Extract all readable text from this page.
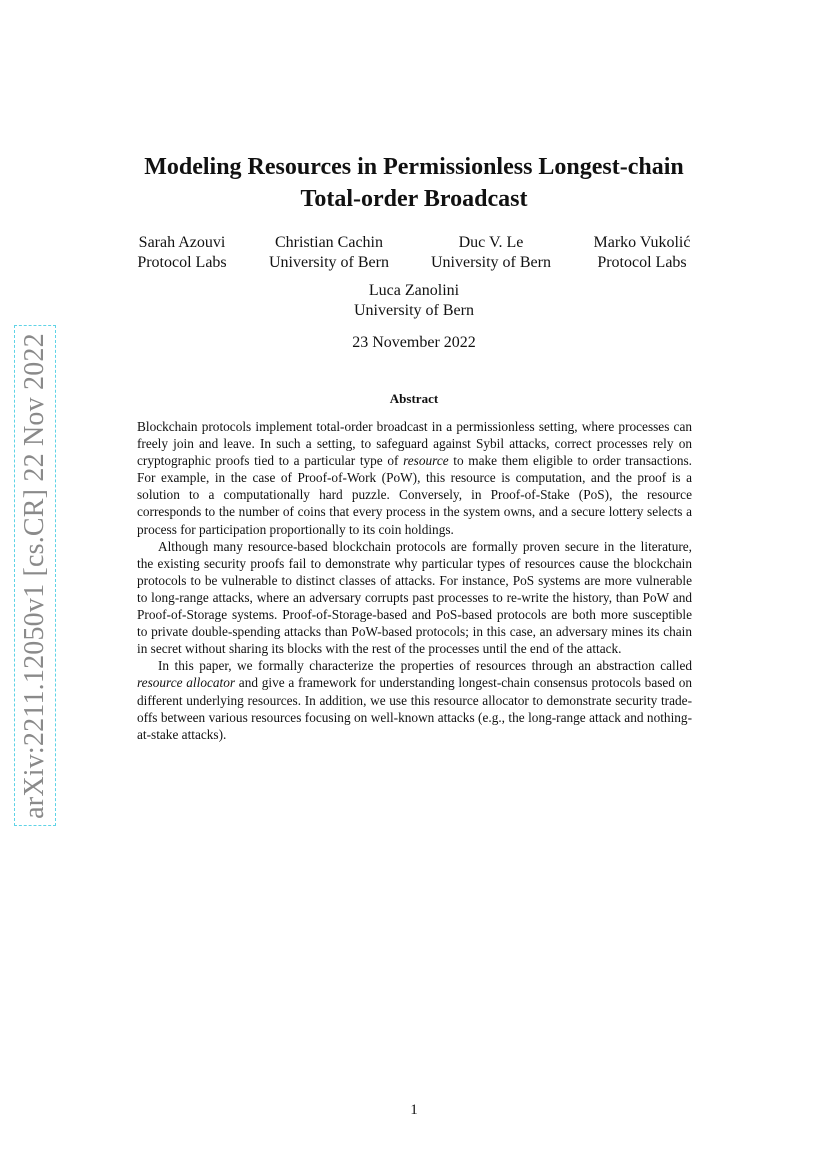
arXiv:2211.12050v1 [cs.CR] 22 Nov 2022
Modeling Resources in Permissionless Longest-chain
Total-order Broadcast
Sarah Azouvi
Protocol Labs
Christian Cachin
University of Bern
Duc V. Le
University of Bern
Marko Vukolić
Protocol Labs
Luca Zanolini
University of Bern
23 November 2022
Abstract

Blockchain protocols implement total-order broadcast in a permissionless setting, where processes can freely join and leave. In such a setting, to safeguard against Sybil attacks, correct processes rely on cryptographic proofs tied to a particular type of resource to make them eligible to order transactions. For example, in the case of Proof-of-Work (PoW), this resource is computation, and the proof is a solution to a computationally hard puzzle. Conversely, in Proof-of-Stake (PoS), the resource corresponds to the number of coins that every process in the system owns, and a secure lottery selects a process for participation proportionally to its coin holdings.

Although many resource-based blockchain protocols are formally proven secure in the literature, the existing security proofs fail to demonstrate why particular types of resources cause the blockchain protocols to be vulnerable to distinct classes of attacks. For instance, PoS systems are more vulnerable to long-range attacks, where an adversary corrupts past processes to re-write the history, than PoW and Proof-of-Storage systems. Proof-of-Storage-based and PoS-based protocols are both more susceptible to private double-spending attacks than PoW-based protocols; in this case, an adversary mines its chain in secret without sharing its blocks with the rest of the processes until the end of the attack.

In this paper, we formally characterize the properties of resources through an abstraction called resource allocator and give a framework for understanding longest-chain consensus protocols based on different underlying resources. In addition, we use this resource allocator to demonstrate security trade-offs between various resources focusing on well-known attacks (e.g., the long-range attack and nothing-at-stake attacks).

1
